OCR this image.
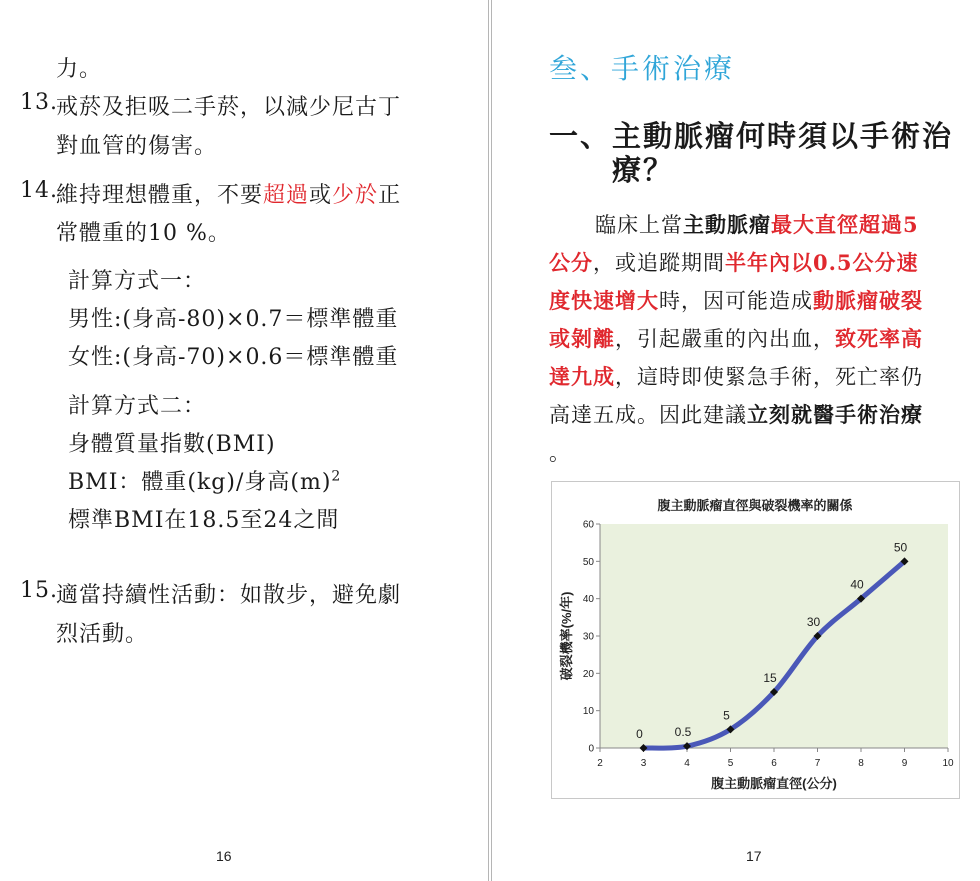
力。
13.
戒菸及拒吸二手菸，以減少尼古丁
對血管的傷害。
14.
維持理想體重，不要超過或少於正
常體重的10 %。
計算方式一：
男性:(身高-80)×0.7＝標準體重
女性:(身高-70)×0.6＝標準體重
計算方式二：
身體質量指數(BMI)
BMI：體重(kg)/身高$(m)^2$
標準BMI在18.5至24之間
15.
適當持續性活動：如散步，避免劇
烈活動。
16
叁、手術治療
一、 主動脈瘤何時須以手術治
療？
臨床上當主動脈瘤最大直徑超過5
公分，或追蹤期間半年內以0.5公分速
度快速增大時，因可能造成動脈瘤破裂
或剝離，引起嚴重的內出血，致死率高
達九成，這時即使緊急手術，死亡率仍
高達五成。因此建議立刻就醫手術治療
。
腹主動脈瘤直徑與破裂機率的關係
2	3	4	5	6	7	8	9	10
0
10
20
30
40
50
60
0	0.5
5
15
30
40
50
腹主動脈瘤直徑(公分)
破裂機率(%/年)
17
